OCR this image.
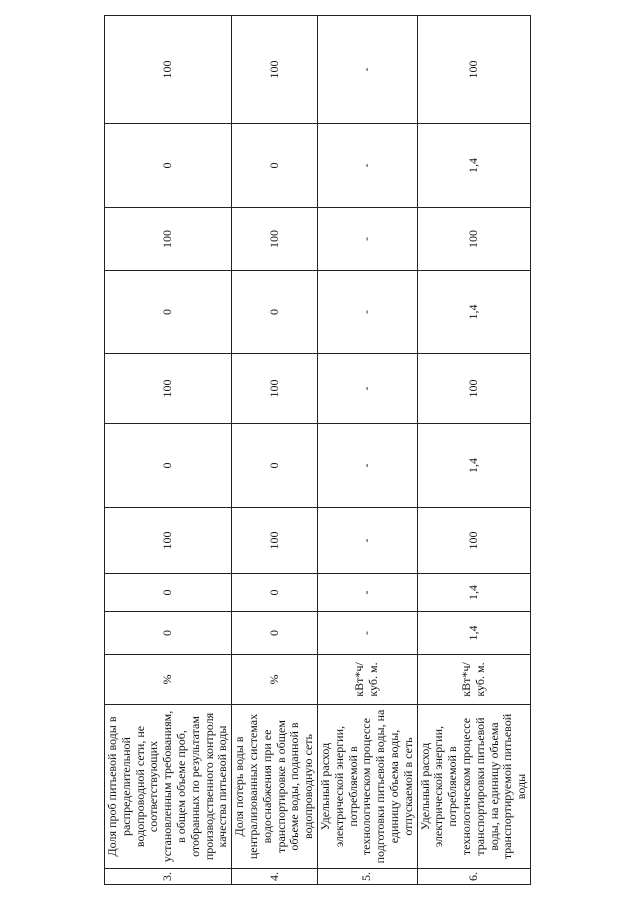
3.	Доля проб питьевой воды в распределительной водопроводной сети, не соответствующих установленным требованиям, в общем объеме проб, отобранных по результатам производственного контроля качества питьевой воды	%	0	0	100	0	100	0	100	0	100
4.	Доля потерь воды в централизованных системах водоснабжения при ее транспортировке в общем объеме воды, поданной в водопроводную сеть	%	0	0	100	0	100	0	100	0	100
5.	Удельный расход электрической энергии, потребляемой в технологическом процессе подготовки питьевой воды, на единицу объема воды, отпускаемой в сеть	кВт*ч/ куб. м.	-	-	-	-	-	-	-	-	-
6.	Удельный расход электрической энергии, потребляемой в технологическом процессе транспортировки питьевой воды, на единицу объема транспортируемой питьевой воды	кВт*ч/ куб. м.	1,4	1,4	100	1,4	100	1,4	100	1,4	100
